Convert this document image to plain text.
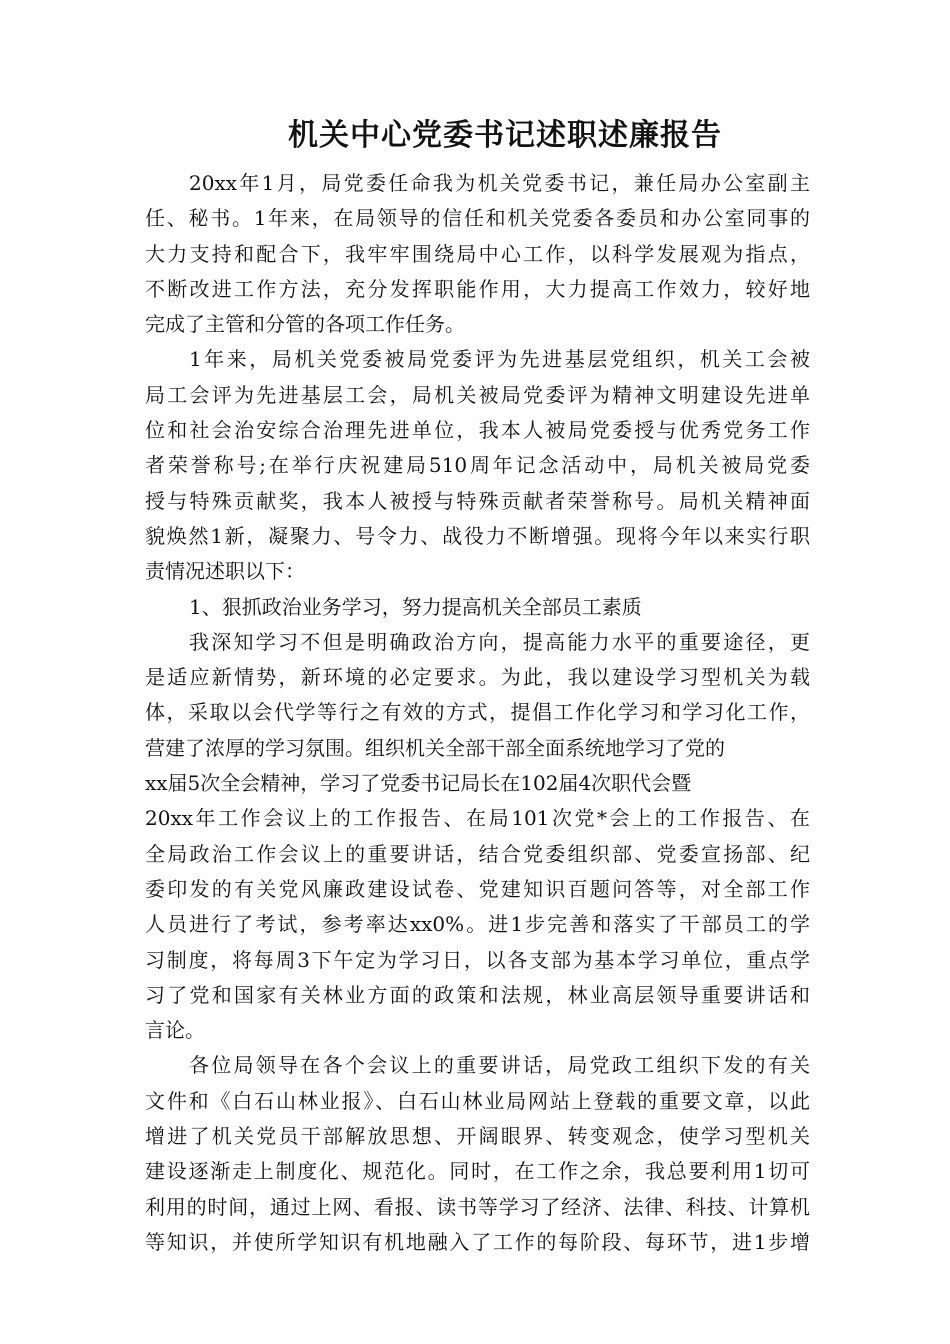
机关中心党委书记述职述廉报告
20xx年1月，局党委任命我为机关党委书记，兼任局办公室副主
任、秘书。1年来，在局领导的信任和机关党委各委员和办公室同事的
大力支持和配合下，我牢牢围绕局中心工作，以科学发展观为指点，
不断改进工作方法，充分发挥职能作用，大力提高工作效力，较好地
完成了主管和分管的各项工作任务。
1年来，局机关党委被局党委评为先进基层党组织，机关工会被
局工会评为先进基层工会，局机关被局党委评为精神文明建设先进单
位和社会治安综合治理先进单位，我本人被局党委授与优秀党务工作
者荣誉称号;在举行庆祝建局510周年记念活动中，局机关被局党委
授与特殊贡献奖，我本人被授与特殊贡献者荣誉称号。局机关精神面
貌焕然1新，凝聚力、号令力、战役力不断增强。现将今年以来实行职
责情况述职以下：
1、狠抓政治业务学习，努力提高机关全部员工素质
我深知学习不但是明确政治方向，提高能力水平的重要途径，更
是适应新情势，新环境的必定要求。为此，我以建设学习型机关为载
体，采取以会代学等行之有效的方式，提倡工作化学习和学习化工作，
营建了浓厚的学习氛围。组织机关全部干部全面系统地学习了党的
xx届5次全会精神，学习了党委书记局长在102届4次职代会暨
20xx年工作会议上的工作报告、在局101次党*会上的工作报告、在
全局政治工作会议上的重要讲话，结合党委组织部、党委宣扬部、纪
委印发的有关党风廉政建设试卷、党建知识百题问答等，对全部工作
人员进行了考试，参考率达xx0%。进1步完善和落实了干部员工的学
习制度，将每周3下午定为学习日，以各支部为基本学习单位，重点学
习了党和国家有关林业方面的政策和法规，林业高层领导重要讲话和
言论。
各位局领导在各个会议上的重要讲话，局党政工组织下发的有关
文件和《白石山林业报》、白石山林业局网站上登载的重要文章，以此
增进了机关党员干部解放思想、开阔眼界、转变观念，使学习型机关
建设逐渐走上制度化、规范化。同时，在工作之余，我总要利用1切可
利用的时间，通过上网、看报、读书等学习了经济、法律、科技、计算机
等知识，并使所学知识有机地融入了工作的每阶段、每环节，进1步增
